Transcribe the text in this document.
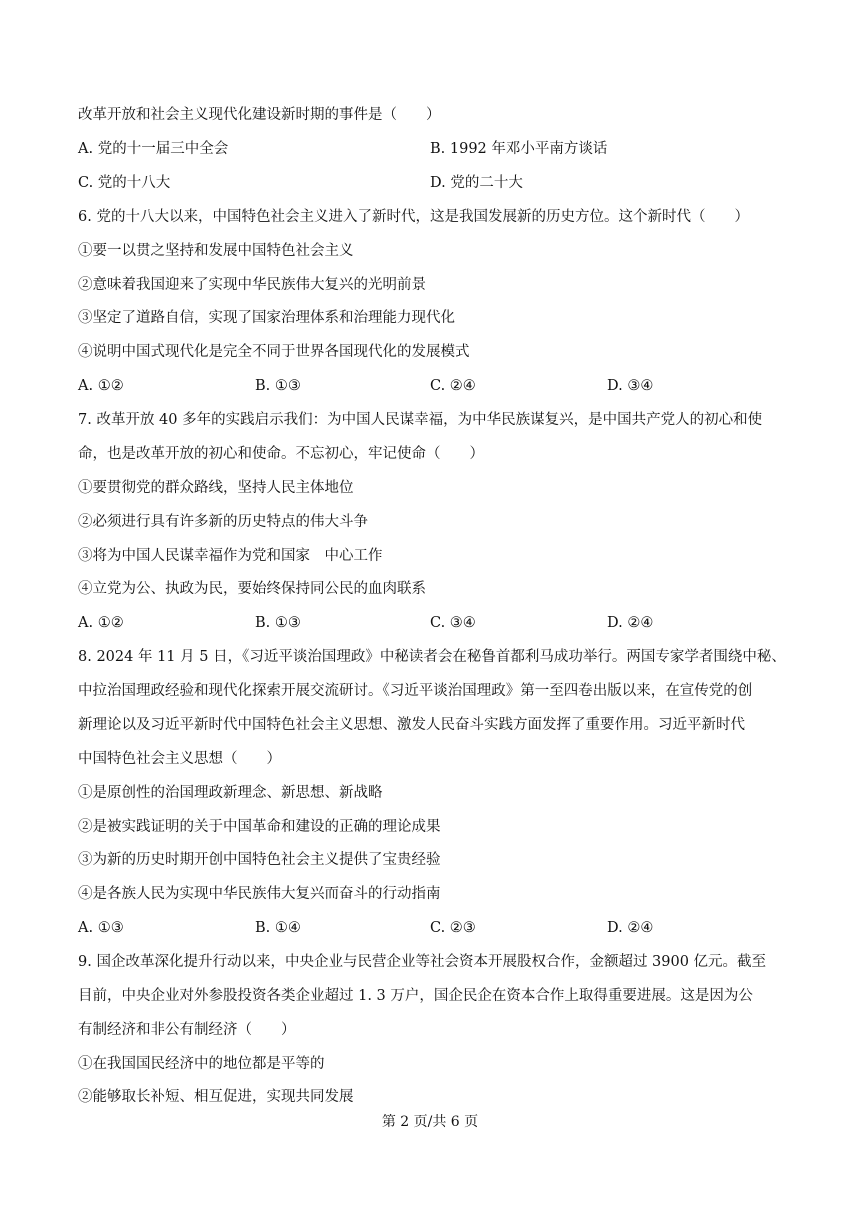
改革开放和社会主义现代化建设新时期的事件是（　　）
A. 党的十一届三中全会	B. 1992 年邓小平南方谈话
C. 党的十八大	D. 党的二十大
6. 党的十八大以来，中国特色社会主义进入了新时代，这是我国发展新的历史方位。这个新时代（　　）
①要一以贯之坚持和发展中国特色社会主义
②意味着我国迎来了实现中华民族伟大复兴的光明前景
③坚定了道路自信，实现了国家治理体系和治理能力现代化
④说明中国式现代化是完全不同于世界各国现代化的发展模式
A. ①②	B. ①③	C. ②④	D. ③④
7. 改革开放 40 多年的实践启示我们：为中国人民谋幸福，为中华民族谋复兴，是中国共产党人的初心和使
命，也是改革开放的初心和使命。不忘初心，牢记使命（　　）
①要贯彻党的群众路线，坚持人民主体地位
②必须进行具有许多新的历史特点的伟大斗争
③将为中国人民谋幸福作为党和国家　中心工作
④立党为公、执政为民，要始终保持同公民的血肉联系
A. ①②	B. ①③	C. ③④	D. ②④
8. 2024 年 11 月 5 日，《习近平谈治国理政》中秘读者会在秘鲁首都利马成功举行。两国专家学者围绕中秘、
中拉治国理政经验和现代化探索开展交流研讨。《习近平谈治国理政》第一至四卷出版以来，在宣传党的创
新理论以及习近平新时代中国特色社会主义思想、激发人民奋斗实践方面发挥了重要作用。习近平新时代
中国特色社会主义思想（　　）
①是原创性的治国理政新理念、新思想、新战略
②是被实践证明的关于中国革命和建设的正确的理论成果
③为新的历史时期开创中国特色社会主义提供了宝贵经验
④是各族人民为实现中华民族伟大复兴而奋斗的行动指南
A. ①③	B. ①④	C. ②③	D. ②④
9. 国企改革深化提升行动以来，中央企业与民营企业等社会资本开展股权合作，金额超过 3900 亿元。截至
目前，中央企业对外参股投资各类企业超过 1. 3 万户，国企民企在资本合作上取得重要进展。这是因为公
有制经济和非公有制经济（　　）
①在我国国民经济中的地位都是平等的
②能够取长补短、相互促进，实现共同发展
第 2 页/共 6 页
